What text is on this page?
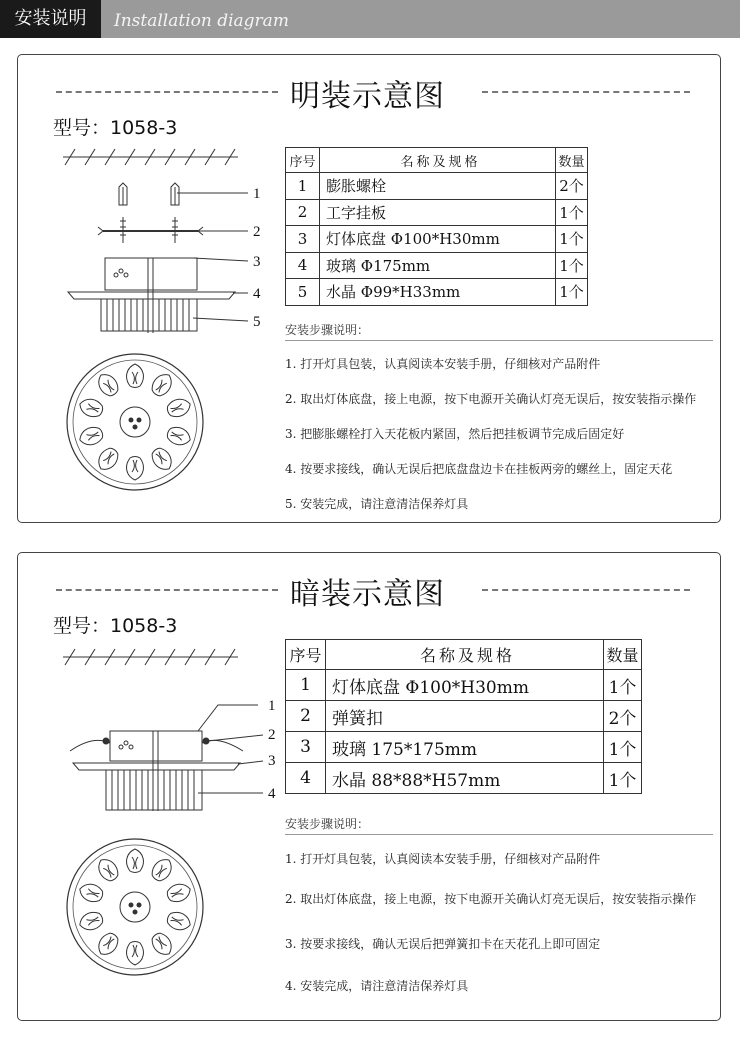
安装说明	Installation diagram
明装示意图
型号：1058-3
1
2
3
4
5
序号	名称及规格	数量
1	膨胀螺栓	2个
2	工字挂板	1个
3	灯体底盘 Φ100*H30mm	1个
4	玻璃 Φ175mm	1个
5	水晶 Φ99*H33mm	1个
安装步骤说明：
1. 打开灯具包装，认真阅读本安装手册，仔细核对产品附件
2. 取出灯体底盘，接上电源，按下电源开关确认灯亮无误后，按安装指示操作
3. 把膨胀螺栓打入天花板内紧固，然后把挂板调节完成后固定好
4. 按要求接线，确认无误后把底盘盘边卡在挂板两旁的螺丝上，固定天花
5. 安装完成，请注意清洁保养灯具
暗装示意图
型号：1058-3
1
2
3
4
序号	名称及规格	数量
1	灯体底盘 Φ100*H30mm	1个
2	弹簧扣	2个
3	玻璃 175*175mm	1个
4	水晶 88*88*H57mm	1个
安装步骤说明：
1. 打开灯具包装，认真阅读本安装手册，仔细核对产品附件
2. 取出灯体底盘，接上电源，按下电源开关确认灯亮无误后，按安装指示操作
3. 按要求接线，确认无误后把弹簧扣卡在天花孔上即可固定
4. 安装完成，请注意清洁保养灯具
